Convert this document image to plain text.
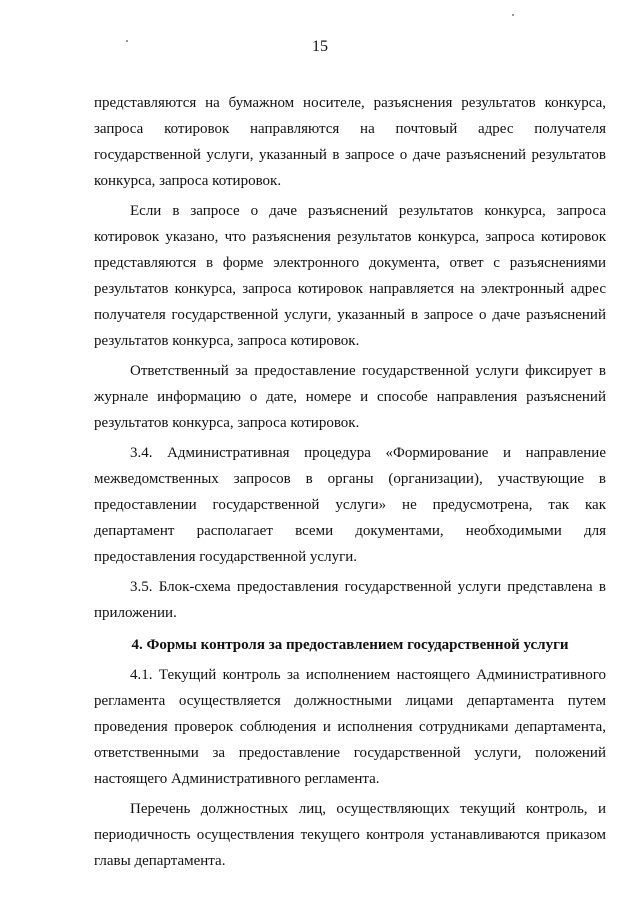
15
представляются на бумажном носителе, разъяснения результатов конкурса,
запроса котировок направляются на почтовый адрес получателя
государственной услуги, указанный в запросе о даче разъяснений результатов
конкурса, запроса котировок.
Если в запросе о даче разъяснений результатов конкурса, запроса
котировок указано, что разъяснения результатов конкурса, запроса котировок
представляются в форме электронного документа, ответ с разъяснениями
результатов конкурса, запроса котировок направляется на электронный адрес
получателя государственной услуги, указанный в запросе о даче разъяснений
результатов конкурса, запроса котировок.
Ответственный за предоставление государственной услуги фиксирует в
журнале информацию о дате, номере и способе направления разъяснений
результатов конкурса, запроса котировок.
3.4. Административная процедура «Формирование и направление
межведомственных запросов в органы (организации), участвующие в
предоставлении государственной услуги» не предусмотрена, так как
департамент располагает всеми документами, необходимыми для
предоставления государственной услуги.
3.5. Блок-схема предоставления государственной услуги представлена в
приложении.
4. Формы контроля за предоставлением государственной услуги
4.1. Текущий контроль за исполнением настоящего Административного
регламента осуществляется должностными лицами департамента путем
проведения проверок соблюдения и исполнения сотрудниками департамента,
ответственными за предоставление государственной услуги, положений
настоящего Административного регламента.
Перечень должностных лиц, осуществляющих текущий контроль, и
периодичность осуществления текущего контроля устанавливаются приказом
главы департамента.
